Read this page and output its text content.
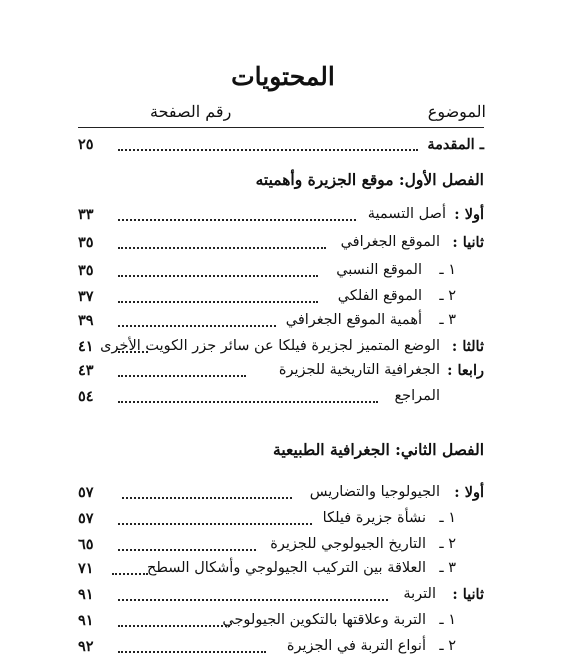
المحتويات
الموضوع
رقم الصفحة
ـ المقدمة
٢٥
الفصل الأول: موقع الجزيرة وأهميته
أولا :
أصل التسمية
٣٣
ثانيا :
الموقع الجغرافي
٣٥
١ ـ
الموقع النسبي
٣٥
٢ ـ
الموقع الفلكي
٣٧
٣ ـ
أهمية الموقع الجغرافي
٣٩
ثالثا :
الوضع المتميز لجزيرة فيلكا عن سائر جزر الكويت الأخرى
٤١
رابعا :
الجغرافية التاريخية للجزيرة
٤٣
المراجع
٥٤
الفصل الثاني: الجغرافية الطبيعية
أولا :
الجيولوجيا والتضاريس
٥٧
١ ـ
نشأة جزيرة فيلكا
٥٧
٢ ـ
التاريخ الجيولوجي للجزيرة
٦٥
٣ ـ
العلاقة بين التركيب الجيولوجي وأشكال السطح
٧١
ثانيا :
التربة
٩١
١ ـ
التربة وعلاقتها بالتكوين الجيولوجي
٩١
٢ ـ
أنواع التربة في الجزيرة
٩٢
